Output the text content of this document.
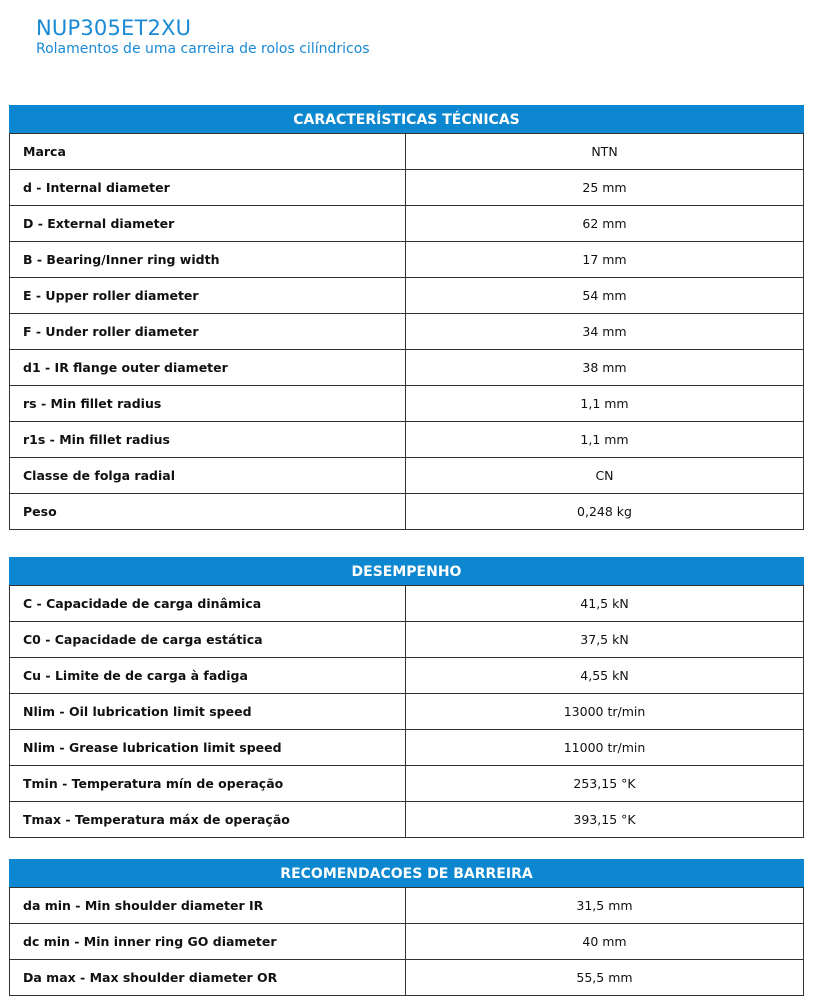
NUP305ET2XU
Rolamentos de uma carreira de rolos cilíndricos
CARACTERÍSTICAS TÉCNICAS
Marca	NTN
d - Internal diameter	25 mm
D - External diameter	62 mm
B - Bearing/Inner ring width	17 mm
E - Upper roller diameter	54 mm
F - Under roller diameter	34 mm
d1 - IR flange outer diameter	38 mm
rs - Min fillet radius	1,1 mm
r1s - Min fillet radius	1,1 mm
Classe de folga radial	CN
Peso	0,248 kg
DESEMPENHO
C - Capacidade de carga dinâmica	41,5 kN
C0 - Capacidade de carga estática	37,5 kN
Cu - Limite de de carga à fadiga	4,55 kN
Nlim - Oil lubrication limit speed	13000 tr/min
Nlim - Grease lubrication limit speed	11000 tr/min
Tmin - Temperatura mín de operação	253,15 °K
Tmax - Temperatura máx de operação	393,15 °K
RECOMENDACOES DE BARREIRA
da min - Min shoulder diameter IR	31,5 mm
dc min - Min inner ring GO diameter	40 mm
Da max - Max shoulder diameter OR	55,5 mm
